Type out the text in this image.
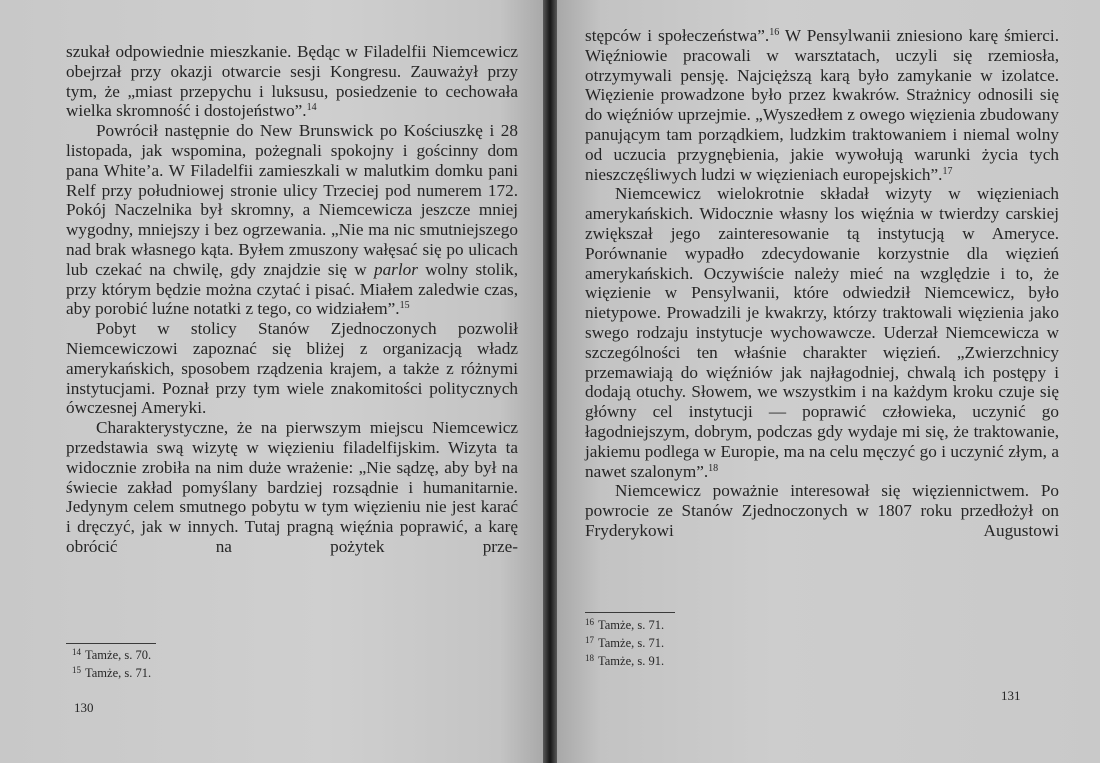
szukał odpowiednie mieszkanie. Będąc w Filadelfii Niemcewicz obejrzał przy okazji otwarcie sesji Kongresu. Zauważył przy tym, że „miast przepychu i luksusu, posiedzenie to cechowała wielka skromność i dostojeństwo”.$^{14}$

Powrócił następnie do New Brunswick po Kościuszkę i 28 listopada, jak wspomina, pożegnali spokojny i gościnny dom pana White’a. W Filadelfii zamieszkali w malutkim domku pani Relf przy południowej stronie ulicy Trzeciej pod numerem 172. Pokój Naczelnika był skromny, a Niemcewicza jeszcze mniej wygodny, mniejszy i bez ogrzewania. „Nie ma nic smutniejszego nad brak własnego kąta. Byłem zmuszony wałęsać się po ulicach lub czekać na chwilę, gdy znajdzie się w parlor wolny stolik, przy którym będzie można czytać i pisać. Miałem zaledwie czas, aby porobić luźne notatki z tego, co widziałem”.$^{15}$

Pobyt w stolicy Stanów Zjednoczonych pozwolił Niemcewiczowi zapoznać się bliżej z organizacją władz amerykańskich, sposobem rządzenia krajem, a także z różnymi instytucjami. Poznał przy tym wiele znakomitości politycznych ówczesnej Ameryki.

Charakterystyczne, że na pierwszym miejscu Niemcewicz przedstawia swą wizytę w więzieniu filadelfijskim. Wizyta ta widocznie zrobiła na nim duże wrażenie: „Nie sądzę, aby był na świecie zakład pomyślany bardziej rozsądnie i humanitarnie. Jedynym celem smutnego pobytu w tym więzieniu nie jest karać i dręczyć, jak w innych. Tutaj pragną więźnia poprawić, a karę obrócić na pożytek prze-

$^{14}$ Tamże, s. 70.
$^{15}$ Tamże, s. 71.
130

stępców i społeczeństwa”.$^{16}$ W Pensylwanii zniesiono karę śmierci. Więźniowie pracowali w warsztatach, uczyli się rzemiosła, otrzymywali pensję. Najcięższą karą było zamykanie w izolatce. Więzienie prowadzone było przez kwakrów. Strażnicy odnosili się do więźniów uprzejmie. „Wyszedłem z owego więzienia zbudowany panującym tam porządkiem, ludzkim traktowaniem i niemal wolny od uczucia przygnębienia, jakie wywołują warunki życia tych nieszczęśliwych ludzi w więzieniach europejskich”.$^{17}$

Niemcewicz wielokrotnie składał wizyty w więzieniach amerykańskich. Widocznie własny los więźnia w twierdzy carskiej zwiększał jego zainteresowanie tą instytucją w Ameryce. Porównanie wypadło zdecydowanie korzystnie dla więzień amerykańskich. Oczywiście należy mieć na względzie i to, że więzienie w Pensylwanii, które odwiedził Niemcewicz, było nietypowe. Prowadzili je kwakrzy, którzy traktowali więzienia jako swego rodzaju instytucje wychowawcze. Uderzał Niemcewicza w szczególności ten właśnie charakter więzień. „Zwierzchnicy przemawiają do więźniów jak najłagodniej, chwalą ich postępy i dodają otuchy. Słowem, we wszystkim i na każdym kroku czuje się główny cel instytucji — poprawić człowieka, uczynić go łagodniejszym, dobrym, podczas gdy wydaje mi się, że traktowanie, jakiemu podlega w Europie, ma na celu męczyć go i uczynić złym, a nawet szalonym”.$^{18}$

Niemcewicz poważnie interesował się więziennictwem. Po powrocie ze Stanów Zjednoczonych w 1807 roku przedłożył on Fryderykowi Augustowi

$^{16}$ Tamże, s. 71.
$^{17}$ Tamże, s. 71.
$^{18}$ Tamże, s. 91.
131
